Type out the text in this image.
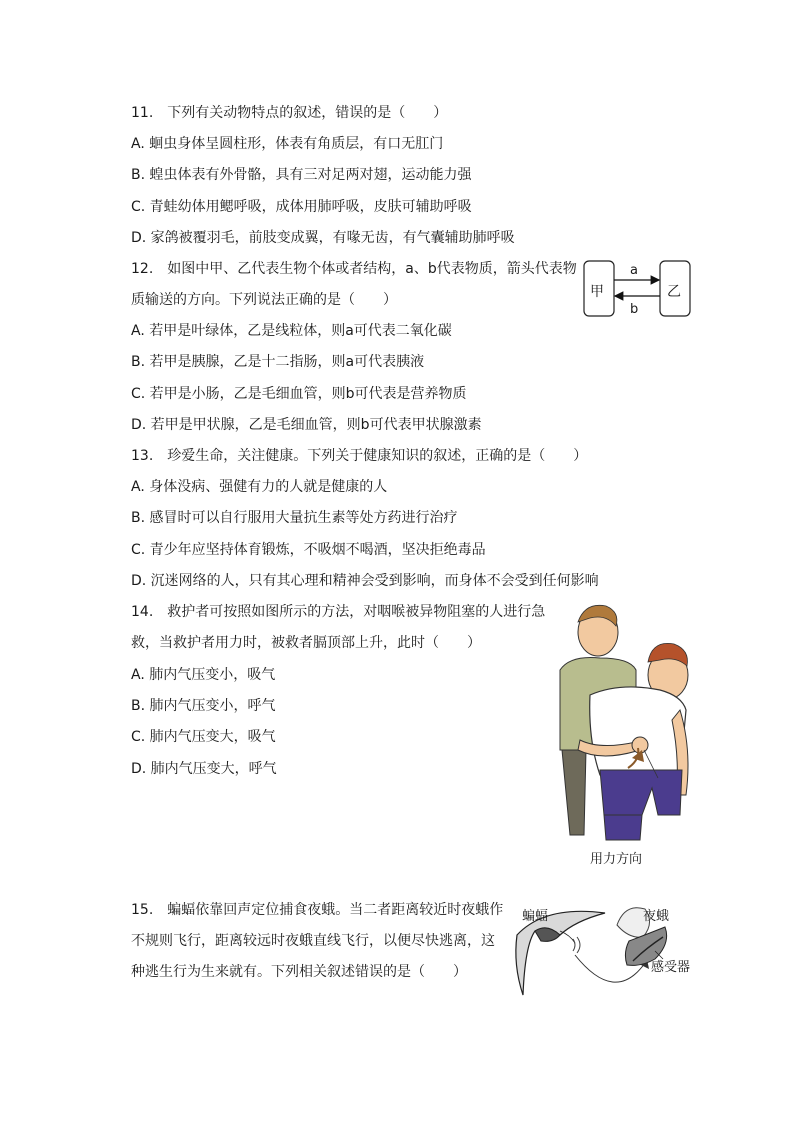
11.　下列有关动物特点的叙述，错误的是（　　）
A. 蛔虫身体呈圆柱形，体表有角质层，有口无肛门
B. 蝗虫体表有外骨骼，具有三对足两对翅，运动能力强
C. 青蛙幼体用鳃呼吸，成体用肺呼吸，皮肤可辅助呼吸
D. 家鸽被覆羽毛，前肢变成翼，有喙无齿，有气囊辅助肺呼吸
12.　如图中甲、乙代表生物个体或者结构，a、b代表物质，箭头代表物
质输送的方向。下列说法正确的是（　　）
A. 若甲是叶绿体，乙是线粒体，则a可代表二氧化碳
B. 若甲是胰腺，乙是十二指肠，则a可代表胰液
C. 若甲是小肠，乙是毛细血管，则b可代表是营养物质
D. 若甲是甲状腺，乙是毛细血管，则b可代表甲状腺激素
甲	乙
a
b
13.　珍爱生命，关注健康。下列关于健康知识的叙述，正确的是（　　）
A. 身体没病、强健有力的人就是健康的人
B. 感冒时可以自行服用大量抗生素等处方药进行治疗
C. 青少年应坚持体育锻炼，不吸烟不喝酒，坚决拒绝毒品
D. 沉迷网络的人，只有其心理和精神会受到影响，而身体不会受到任何影响
14.　救护者可按照如图所示的方法，对咽喉被异物阻塞的人进行急
救，当救护者用力时，被救者膈顶部上升，此时（　　）
A. 肺内气压变小，吸气
B. 肺内气压变小，呼气
C. 肺内气压变大，吸气
D. 肺内气压变大，呼气
用力方向
15.　蝙蝠依靠回声定位捕食夜蛾。当二者距离较近时夜蛾作
不规则飞行，距离较远时夜蛾直线飞行，以便尽快逃离，这
种逃生行为生来就有。下列相关叙述错误的是（　　）
蝙蝠	夜蛾
感受器
